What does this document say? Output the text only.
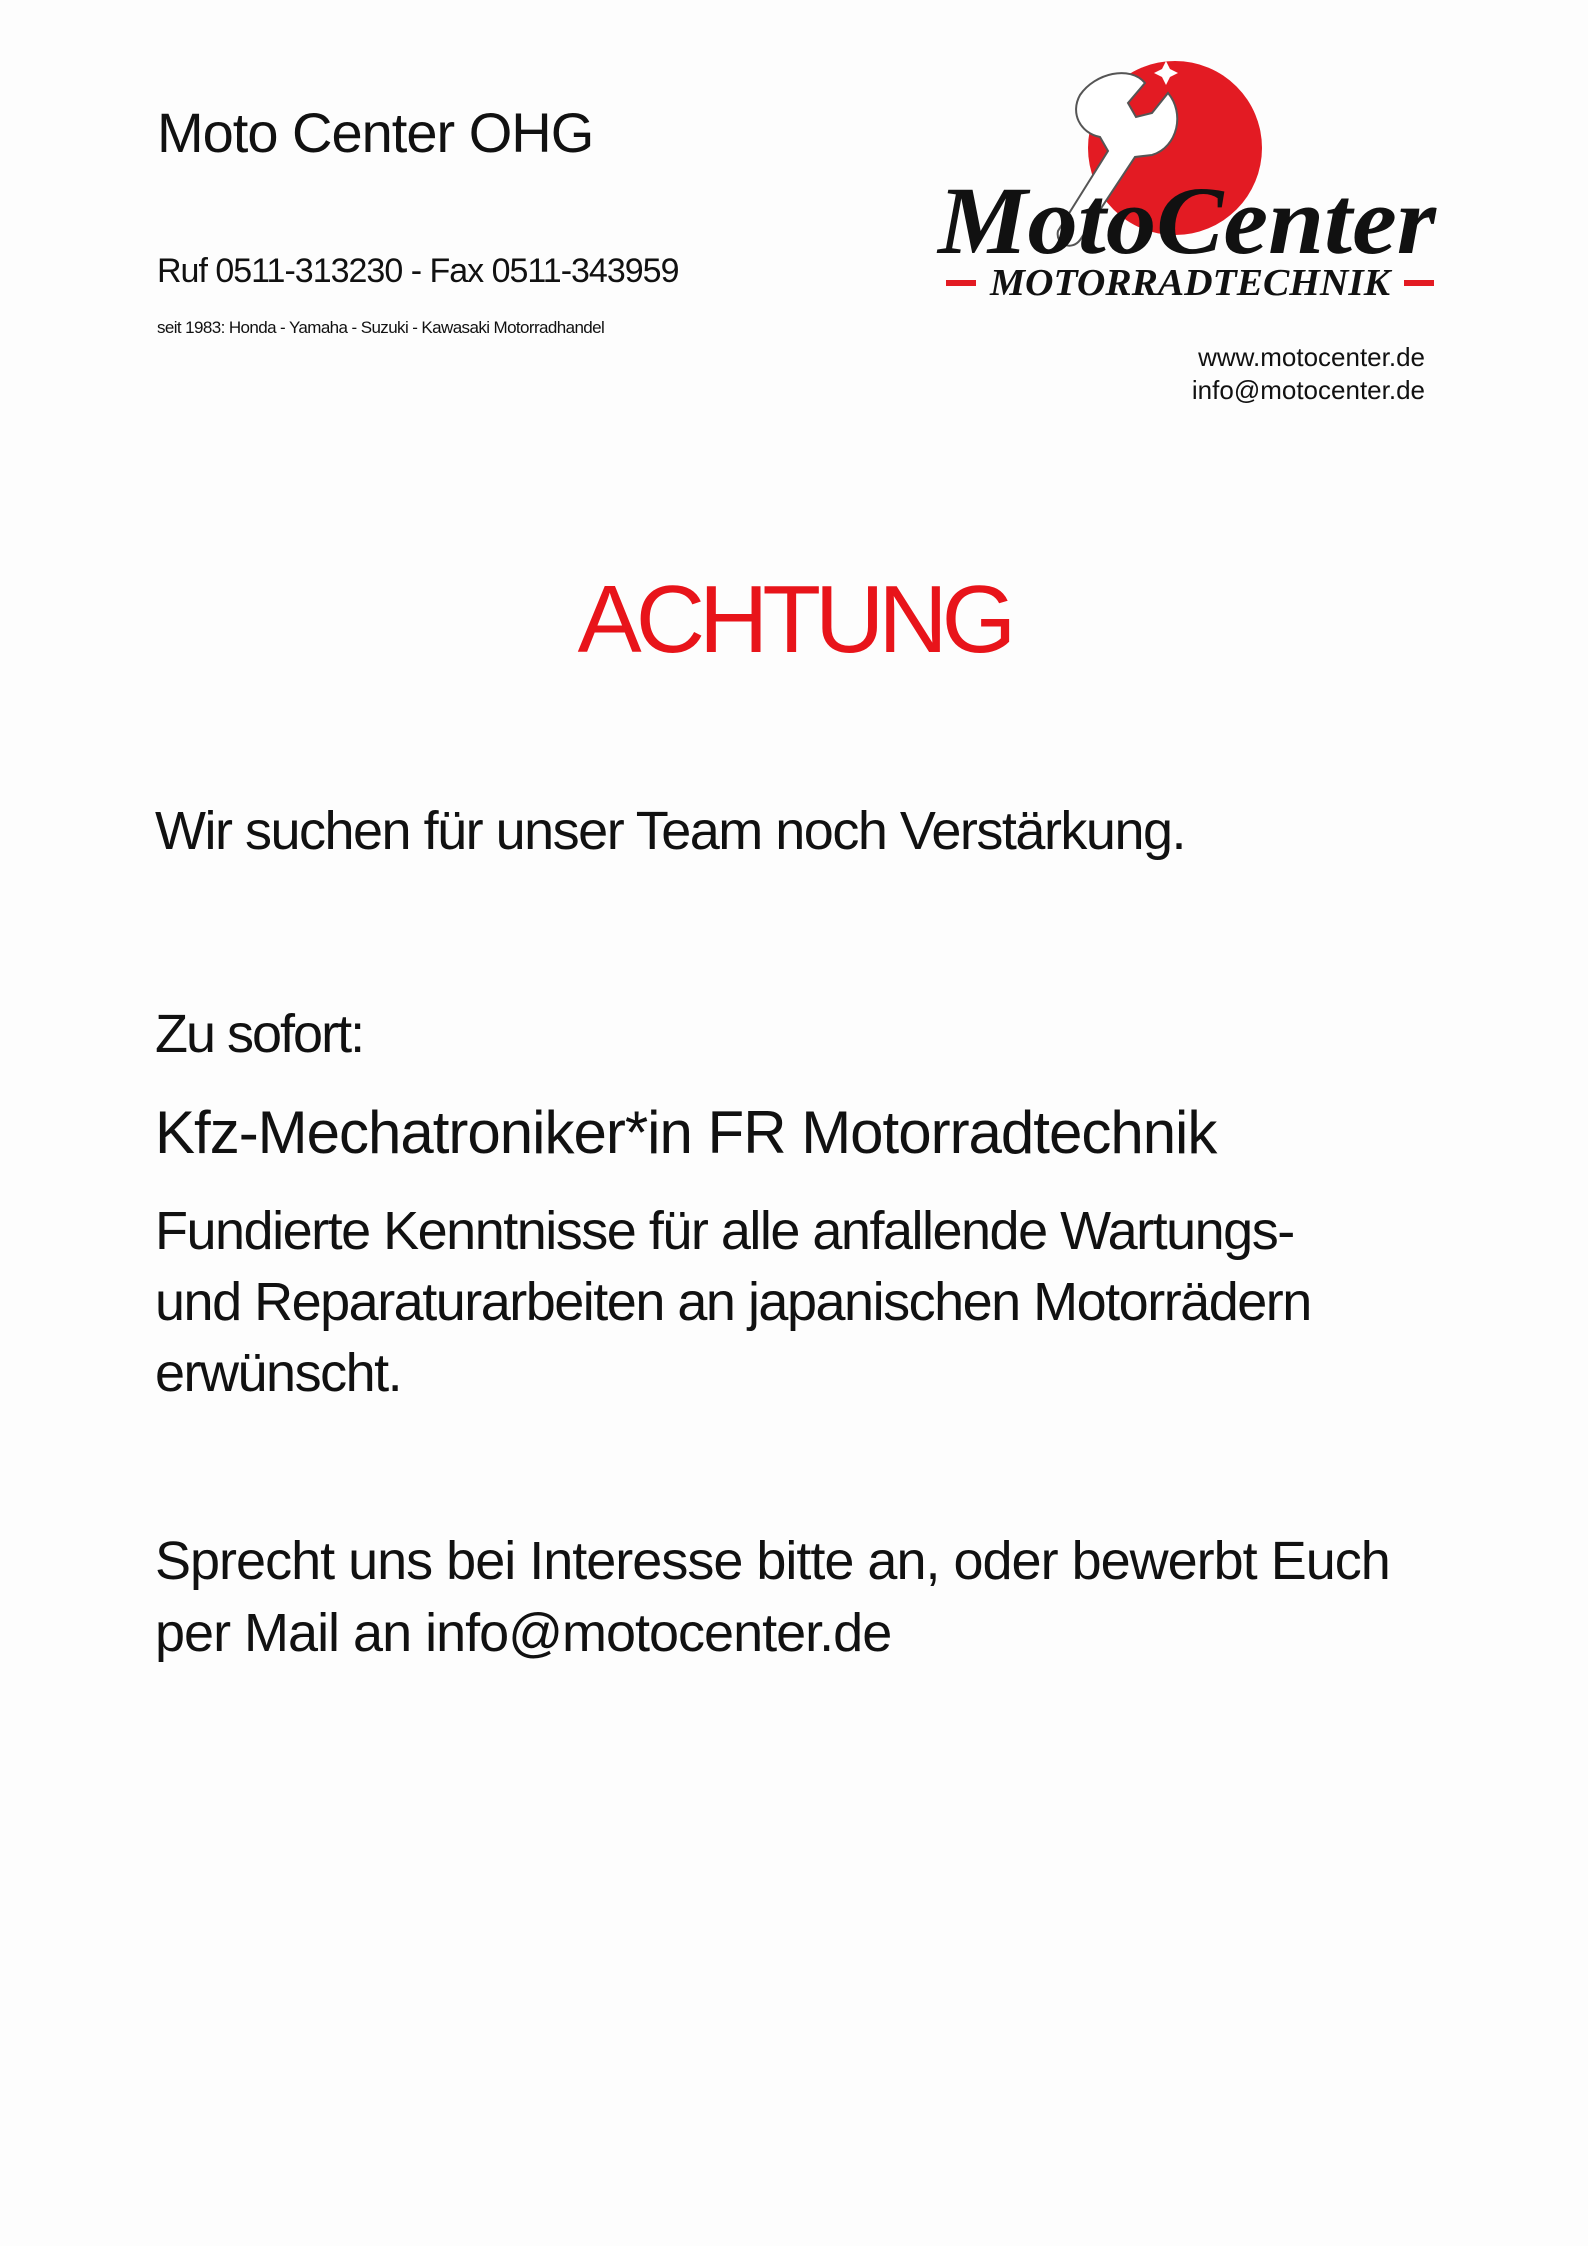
Moto Center OHG
Ruf 0511-313230 - Fax 0511-343959
seit 1983: Honda - Yamaha - Suzuki - Kawasaki Motorradhandel
MotoCenter
MOTORRADTECHNIK
www.motocenter.de
info@motocenter.de
ACHTUNG
Wir suchen für unser Team noch Verstärkung.
Zu sofort:
Kfz-Mechatroniker*in FR Motorradtechnik
Fundierte Kenntnisse für alle anfallende Wartungs-
und Reparaturarbeiten an japanischen Motorrädern
erwünscht.
Sprecht uns bei Interesse bitte an, oder bewerbt Euch
per Mail an info@motocenter.de
